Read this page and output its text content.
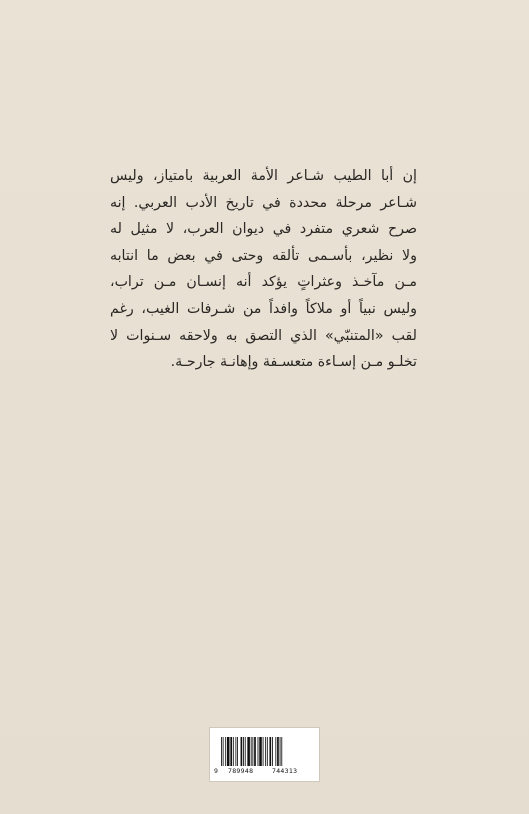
إن أبا الطيب شـاعر الأمة العربية بامتياز، وليس
شـاعر مرحلة محددة في تاريخ الأدب العربي. إنه
صرح شعري متفرد في ديوان العرب، لا مثيل له
ولا نظير، بأسـمى تألقه وحتى في بعض ما انتابه
مـن مآخـذ وعثراتٍ يؤكد أنه إنسـان مـن تراب،
وليس نبياً أو ملاكاً وافداً من شـرفات الغيب، رغم
لقب «المتنبّي» الذي التصق به ولاحقه سـنوات لا
تخلـو مـن إسـاءة متعسـفة وإهانـة جارحـة.
9 789948	744313
